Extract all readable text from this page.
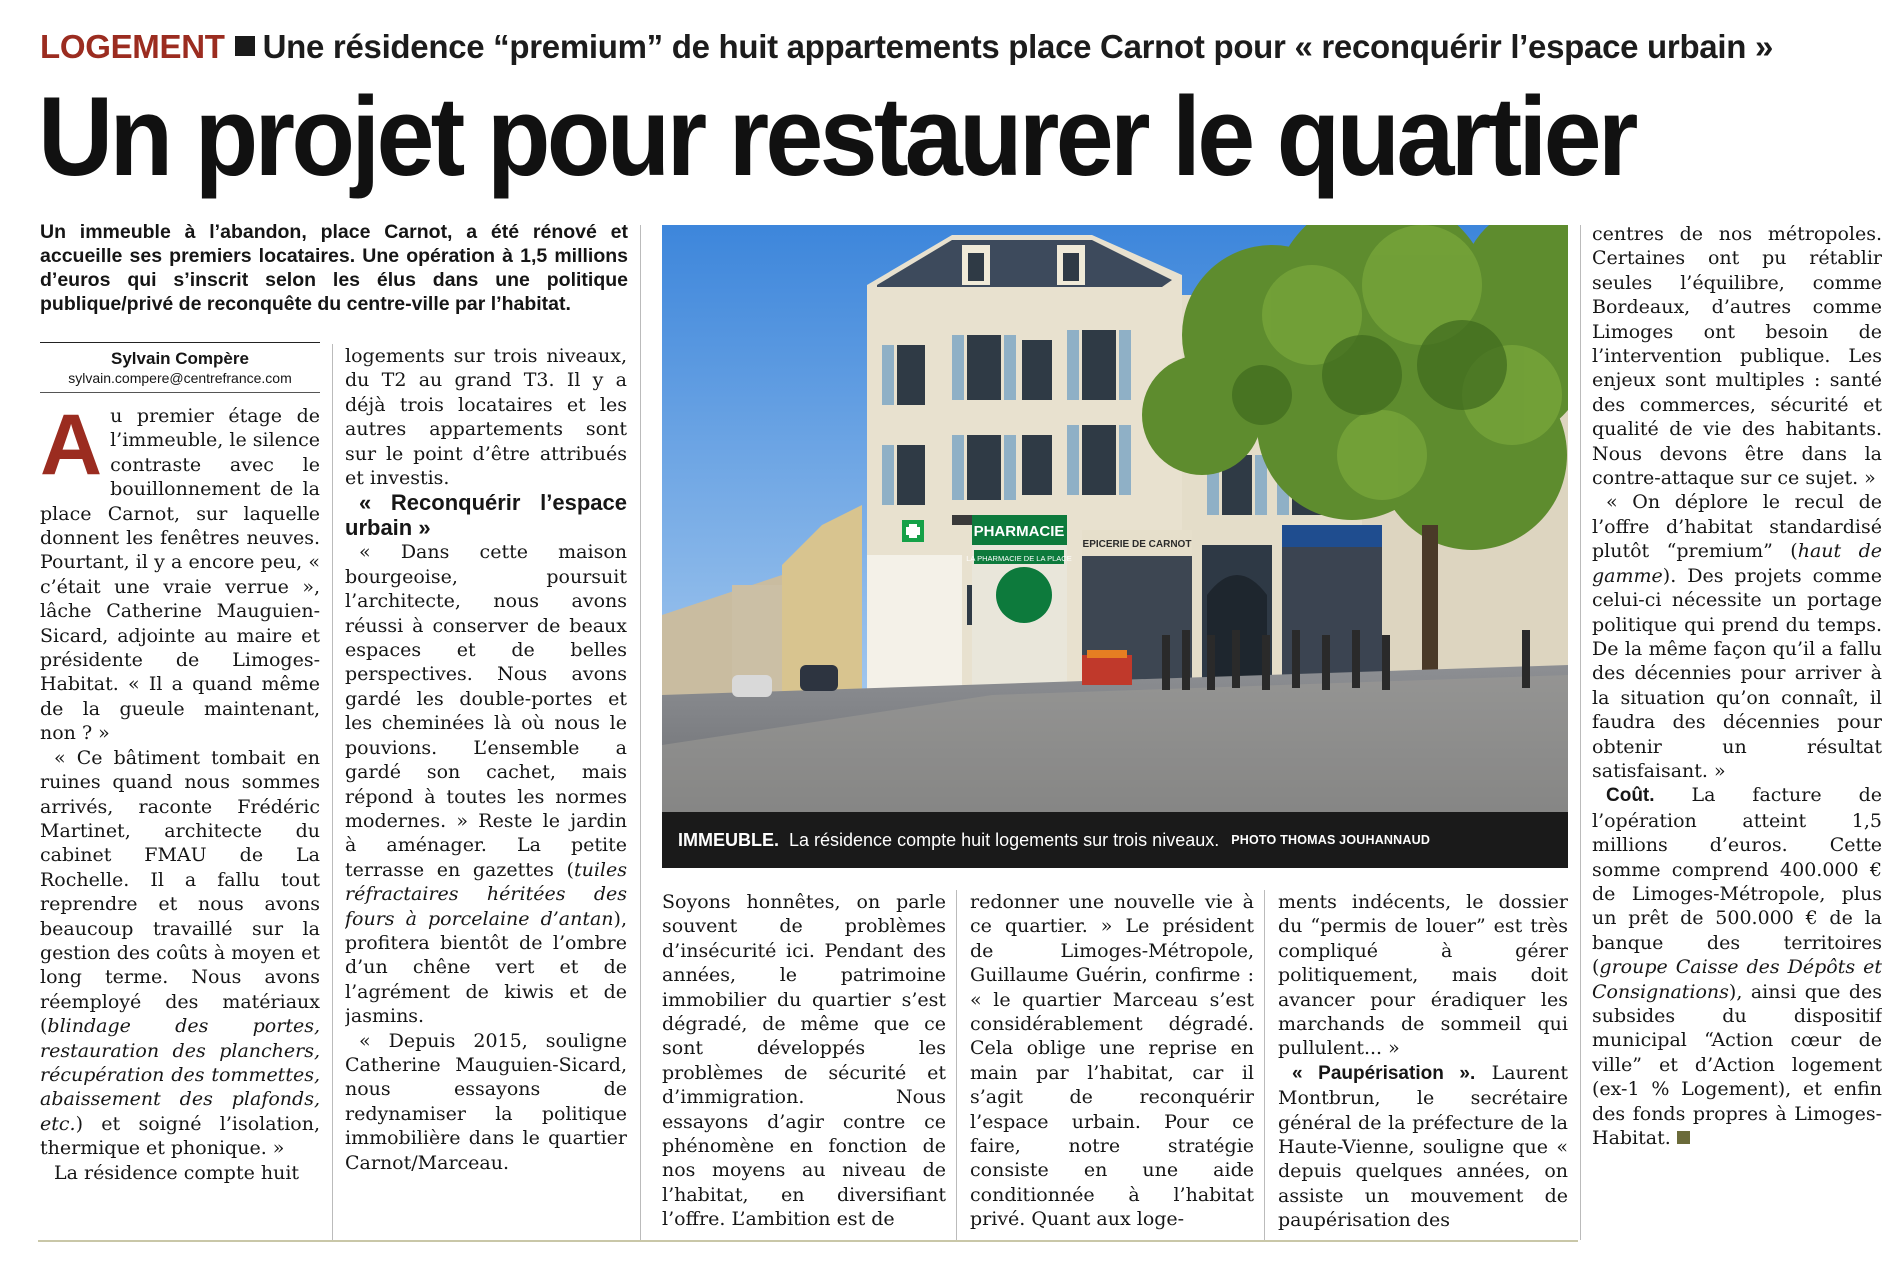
LOGEMENT Une résidence “premium” de huit appartements place Carnot pour « reconquérir l’espace urbain »
Un projet pour restaurer le quartier
Un immeuble à l’abandon, place Carnot, a été rénové et accueille ses premiers locataires. Une opération à 1,5 millions d’euros qui s’inscrit selon les élus dans une politique publique/privé de reconquête du centre-ville par l’habitat.
Sylvain Compère
sylvain.compere@centrefrance.com

Au premier étage de l’immeuble, le silence contraste avec le bouillonnement de la place Carnot, sur laquelle donnent les fenêtres neuves. Pourtant, il y a encore peu, « c’était une vraie verrue », lâche Catherine Mauguien-Sicard, adjointe au maire et présidente de Limoges-Habitat. « Il a quand même de la gueule maintenant, non ? »

« Ce bâtiment tombait en ruines quand nous sommes arrivés, raconte Frédéric Martinet, architecte du cabinet FMAU de La Rochelle. Il a fallu tout reprendre et nous avons beaucoup travaillé sur la gestion des coûts à moyen et long terme. Nous avons réemployé des matériaux (blindage des portes, restauration des planchers, récupération des tommettes, abaissement des plafonds, etc.) et soigné l’isolation, thermique et phonique. »

La résidence compte huit

logements sur trois niveaux, du T2 au grand T3. Il y a déjà trois locataires et les autres appartements sont sur le point d’être attribués et investis.

« Reconquérir l’espace urbain »

« Dans cette maison bourgeoise, poursuit l’architecte, nous avons réussi à conserver de beaux espaces et de belles perspectives. Nous avons gardé les double-portes et les cheminées là où nous le pouvions. L’ensemble a gardé son cachet, mais répond à toutes les normes modernes. » Reste le jardin à aménager. La petite terrasse en gazettes (tuiles réfractaires héritées des fours à porcelaine d’antan), profitera bientôt de l’ombre d’un chêne vert et de l’agrément de kiwis et de jasmins.

« Depuis 2015, souligne Catherine Mauguien-Sicard, nous essayons de redynamiser la politique immobilière dans le quartier Carnot/Marceau.

PHARMACIE
LA PHARMACIE DE LA PLACE
EPICERIE DE CARNOT
IMMEUBLE. La résidence compte huit logements sur trois niveaux. PHOTO THOMAS JOUHANNAUD

Soyons honnêtes, on parle souvent de problèmes d’insécurité ici. Pendant des années, le patrimoine immobilier du quartier s’est dégradé, de même que ce sont développés les problèmes de sécurité et d’immigration. Nous essayons d’agir contre ce phénomène en fonction de nos moyens au niveau de l’habitat, en diversifiant l’offre. L’ambition est de

redonner une nouvelle vie à ce quartier. » Le président de Limoges-Métropole, Guillaume Guérin, confirme : « le quartier Marceau s’est considérablement dégradé. Cela oblige une reprise en main par l’habitat, car il s’agit de reconquérir l’espace urbain. Pour ce faire, notre stratégie consiste en une aide conditionnée à l’habitat privé. Quant aux loge-

ments indécents, le dossier du “permis de louer” est très compliqué à gérer politiquement, mais doit avancer pour éradiquer les marchands de sommeil qui pullulent... »

« Paupérisation ». Laurent Montbrun, le secrétaire général de la préfecture de la Haute-Vienne, souligne que « depuis quelques années, on assiste un mouvement de paupérisation des

centres de nos métropoles. Certaines ont pu rétablir seules l’équilibre, comme Bordeaux, d’autres comme Limoges ont besoin de l’intervention publique. Les enjeux sont multiples : santé des commerces, sécurité et qualité de vie des habitants. Nous devons être dans la contre-attaque sur ce sujet. »

« On déplore le recul de l’offre d’habitat standardisé plutôt “premium” (haut de gamme). Des projets comme celui-ci nécessite un portage politique qui prend du temps. De la même façon qu’il a fallu des décennies pour arriver à la situation qu’on connaît, il faudra des décennies pour obtenir un résultat satisfaisant. »

Coût. La facture de l’opération atteint 1,5 millions d’euros. Cette somme comprend 400.000 € de Limoges-Métropole, plus un prêt de 500.000 € de la banque des territoires (groupe Caisse des Dépôts et Consignations), ainsi que des subsides du dispositif municipal “Action cœur de ville” et d’Action logement (ex-1 % Logement), et enfin des fonds propres à Limoges-Habitat.
